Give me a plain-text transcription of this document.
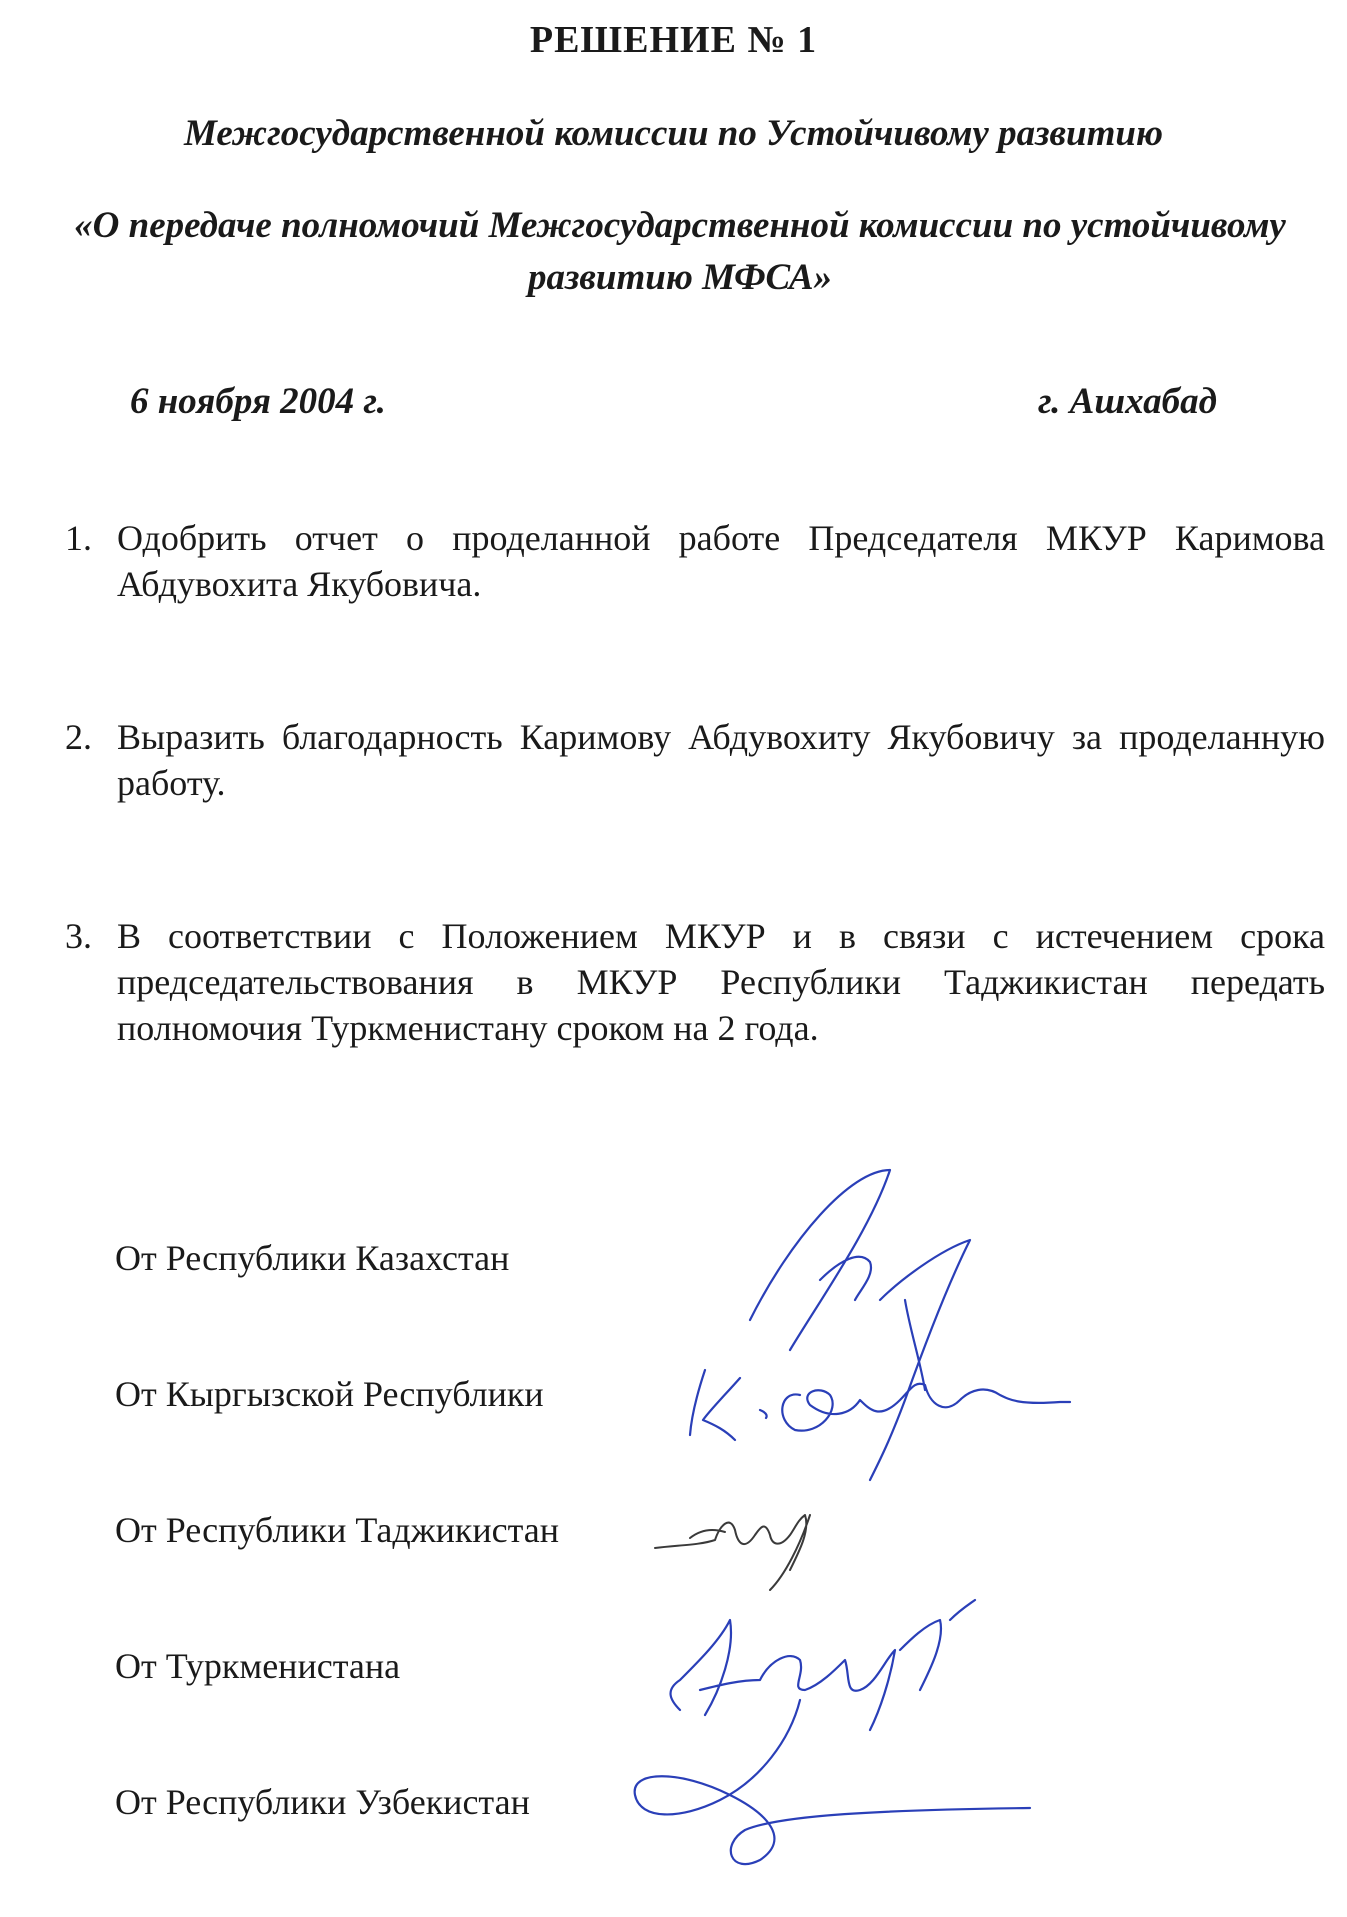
РЕШЕНИЕ № 1
Межгосударственной комиссии по Устойчивому развитию
«О передаче полномочий Межгосударственной комиссии по устойчивому развитию МФСА»
6 ноября 2004 г.	г. Ашхабад
1. Одобрить отчет о проделанной работе Председателя МКУР Каримова Абдувохита Якубовича.
2. Выразить благодарность Каримову Абдувохиту Якубовичу за проделанную работу.
3. В соответствии с Положением МКУР и в связи с истечением срока председательствования в МКУР Республики Таджикистан передать полномочия Туркменистану сроком на 2 года.
От Республики Казахстан
От Кыргызской Республики
От Республики Таджикистан
От Туркменистана
От Республики Узбекистан
